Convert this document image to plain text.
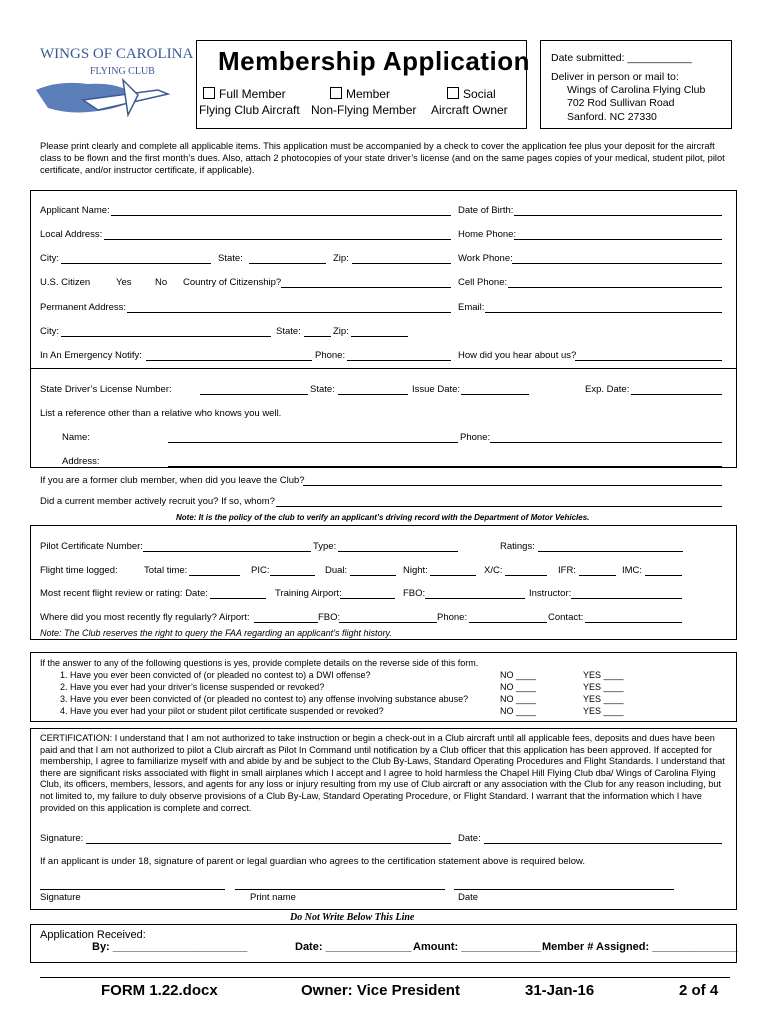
WINGS OF CAROLINA
FLYING CLUB Membership Application
Full Member
Flying Club Aircraft
Member
Non-Flying Member
Social
Aircraft Owner
Date submitted: ___________
Deliver in person or mail to:
Wings of Carolina Flying Club
702 Rod Sullivan Road
Sanford. NC 27330
Please print clearly and complete all applicable items. This application must be accompanied by a check to cover the application fee plus your deposit for the aircraft class to be flown and the first month’s dues. Also, attach 2 photocopies of your state driver’s license (and on the same pages copies of your medical, student pilot, pilot certificate, and/or instructor certificate, if applicable).
Applicant Name:	Date of Birth:
Local Address:	Home Phone:
City:	State:	Zip:	Work Phone:
U.S. Citizen	Yes No Country of Citizenship?	Cell Phone:
Permanent Address:	Email:
City:	State:	Zip:
In An Emergency Notify:	Phone:	How did you hear about us?
State Driver’s License Number:	State:	Issue Date:	Exp. Date:
List a reference other than a relative who knows you well.
Name:	Phone:
Address:
If you are a former club member, when did you leave the Club?
Did a current member actively recruit you? If so, whom?
Note: It is the policy of the club to verify an applicant’s driving record with the Department of Motor Vehicles.
Pilot Certificate Number:	Type:	Ratings:
Flight time logged:	Total time:	PIC:	Dual:	Night:	X/C:	IFR:	IMC:
Most recent flight review or rating: Date:	Training Airport:	FBO:	Instructor:
Where did you most recently fly regularly? Airport:	FBO:	Phone:	Contact:
Note: The Club reserves the right to query the FAA regarding an applicant’s flight history.
If the answer to any of the following questions is yes, provide complete details on the reverse side of this form.
1. Have you ever been convicted of (or pleaded no contest to) a DWI offense?	NO ____	YES ____
2. Have you ever had your driver’s license suspended or revoked?	NO ____	YES ____
3. Have you ever been convicted of (or pleaded no contest to) any offense involving substance abuse?	NO ____	YES ____
4. Have you ever had your pilot or student pilot certificate suspended or revoked?	NO ____	YES ____
CERTIFICATION: I understand that I am not authorized to take instruction or begin a check-out in a Club aircraft until all applicable fees, deposits and dues have been paid and that I am not authorized to pilot a Club aircraft as Pilot In Command until notification by a Club officer that this application has been approved. If accepted for membership, I agree to familiarize myself with and abide by and be subject to the Club By-Laws, Standard Operating Procedures and Flight Standards. I understand that there are significant risks associated with flight in small airplanes which I accept and I agree to hold harmless the Chapel Hill Flying Club dba/ Wings of Carolina Flying Club, its officers, members, lessors, and agents for any loss or injury resulting from my use of Club aircraft or any association with the Club for any reason including, but not limited to, my failure to duly observe provisions of a Club By-Law, Standard Operating Procedure, or Flight Standard. I warrant that the information which I have provided on this application is complete and correct.
Signature:	Date:
If an applicant is under 18, signature of parent or legal guardian who agrees to the certification statement above is required below.
Signature	Print name	Date
Do Not Write Below This Line
Application Received:
By: ______________________	Date: ______________ Amount: _____________ Member # Assigned: ______________
FORM 1.22.docx	Owner: Vice President	31-Jan-16	2 of 4
